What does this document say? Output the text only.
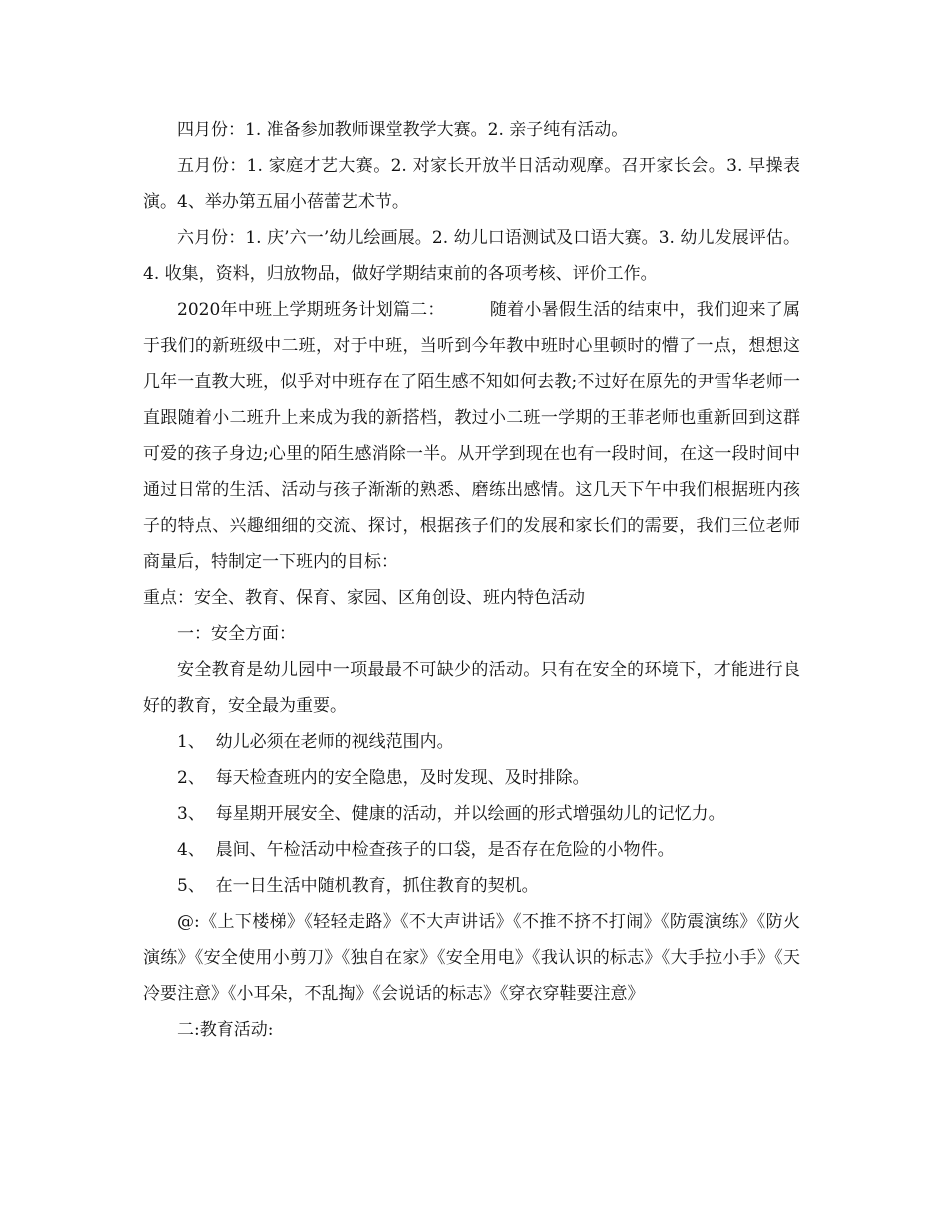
四月份：1. 准备参加教师课堂教学大赛。2. 亲子纯有活动。

五月份：1. 家庭才艺大赛。2. 对家长开放半日活动观摩。召开家长会。3. 早操表演。4、举办第五届小蓓蕾艺术节。

六月份：1. 庆’六一’幼儿绘画展。2. 幼儿口语测试及口语大赛。3. 幼儿发展评估。4. 收集，资料，归放物品，做好学期结束前的各项考核、评价工作。

2020年中班上学期班务计划篇二：        随着小暑假生活的结束中，我们迎来了属于我们的新班级中二班，对于中班，当听到今年教中班时心里顿时的懵了一点，想想这几年一直教大班，似乎对中班存在了陌生感不知如何去教;不过好在原先的尹雪华老师一直跟随着小二班升上来成为我的新搭档，教过小二班一学期的王菲老师也重新回到这群可爱的孩子身边;心里的陌生感消除一半。从开学到现在也有一段时间，在这一段时间中通过日常的生活、活动与孩子渐渐的熟悉、磨练出感情。这几天下午中我们根据班内孩子的特点、兴趣细细的交流、探讨，根据孩子们的发展和家长们的需要，我们三位老师商量后，特制定一下班内的目标：

重点：安全、教育、保育、家园、区角创设、班内特色活动

一：安全方面：

安全教育是幼儿园中一项最最不可缺少的活动。只有在安全的环境下，才能进行良好的教育，安全最为重要。

1、  幼儿必须在老师的视线范围内。

2、  每天检查班内的安全隐患，及时发现、及时排除。

3、  每星期开展安全、健康的活动，并以绘画的形式增强幼儿的记忆力。

4、  晨间、午检活动中检查孩子的口袋，是否存在危险的小物件。

5、  在一日生活中随机教育，抓住教育的契机。

@:《上下楼梯》《轻轻走路》《不大声讲话》《不推不挤不打闹》《防震演练》《防火演练》《安全使用小剪刀》《独自在家》《安全用电》《我认识的标志》《大手拉小手》《天冷要注意》《小耳朵，不乱掏》《会说话的标志》《穿衣穿鞋要注意》

二:教育活动:
